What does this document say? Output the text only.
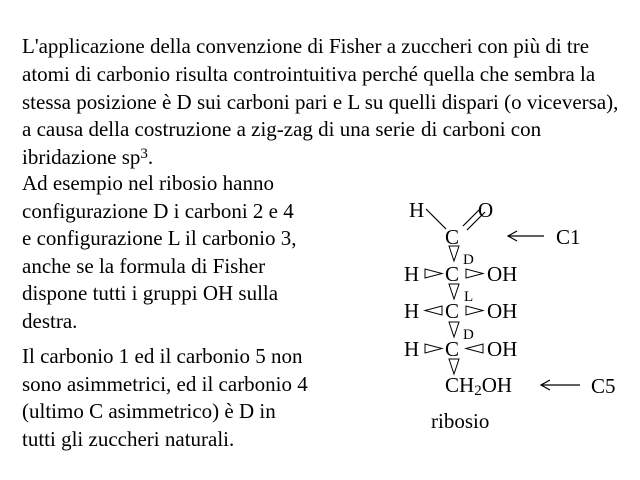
L'applicazione della convenzione di Fisher a zuccheri con più di tre atomi di carbonio risulta controintuitiva perché quella che sembra la stessa posizione è D sui carboni pari e L su quelli dispari (o viceversa), a causa della costruzione a zig-zag di una serie di carboni con ibridazione $sp^3$.

Ad esempio nel ribosio hanno
configurazione D i carboni 2 e 4
e configurazione L il carbonio 3,
anche se la formula di Fisher
dispone tutti i gruppi OH sulla
destra.
Il carbonio 1 ed il carbonio 5 non
sono asimmetrici, ed il carbonio 4
(ultimo C asimmetrico) è D in
tutti gli zuccheri naturali.
H	O
C	C1
D
H C OH
L
H C OH
D
H C OH
$CH_2OH$	C5
ribosio
